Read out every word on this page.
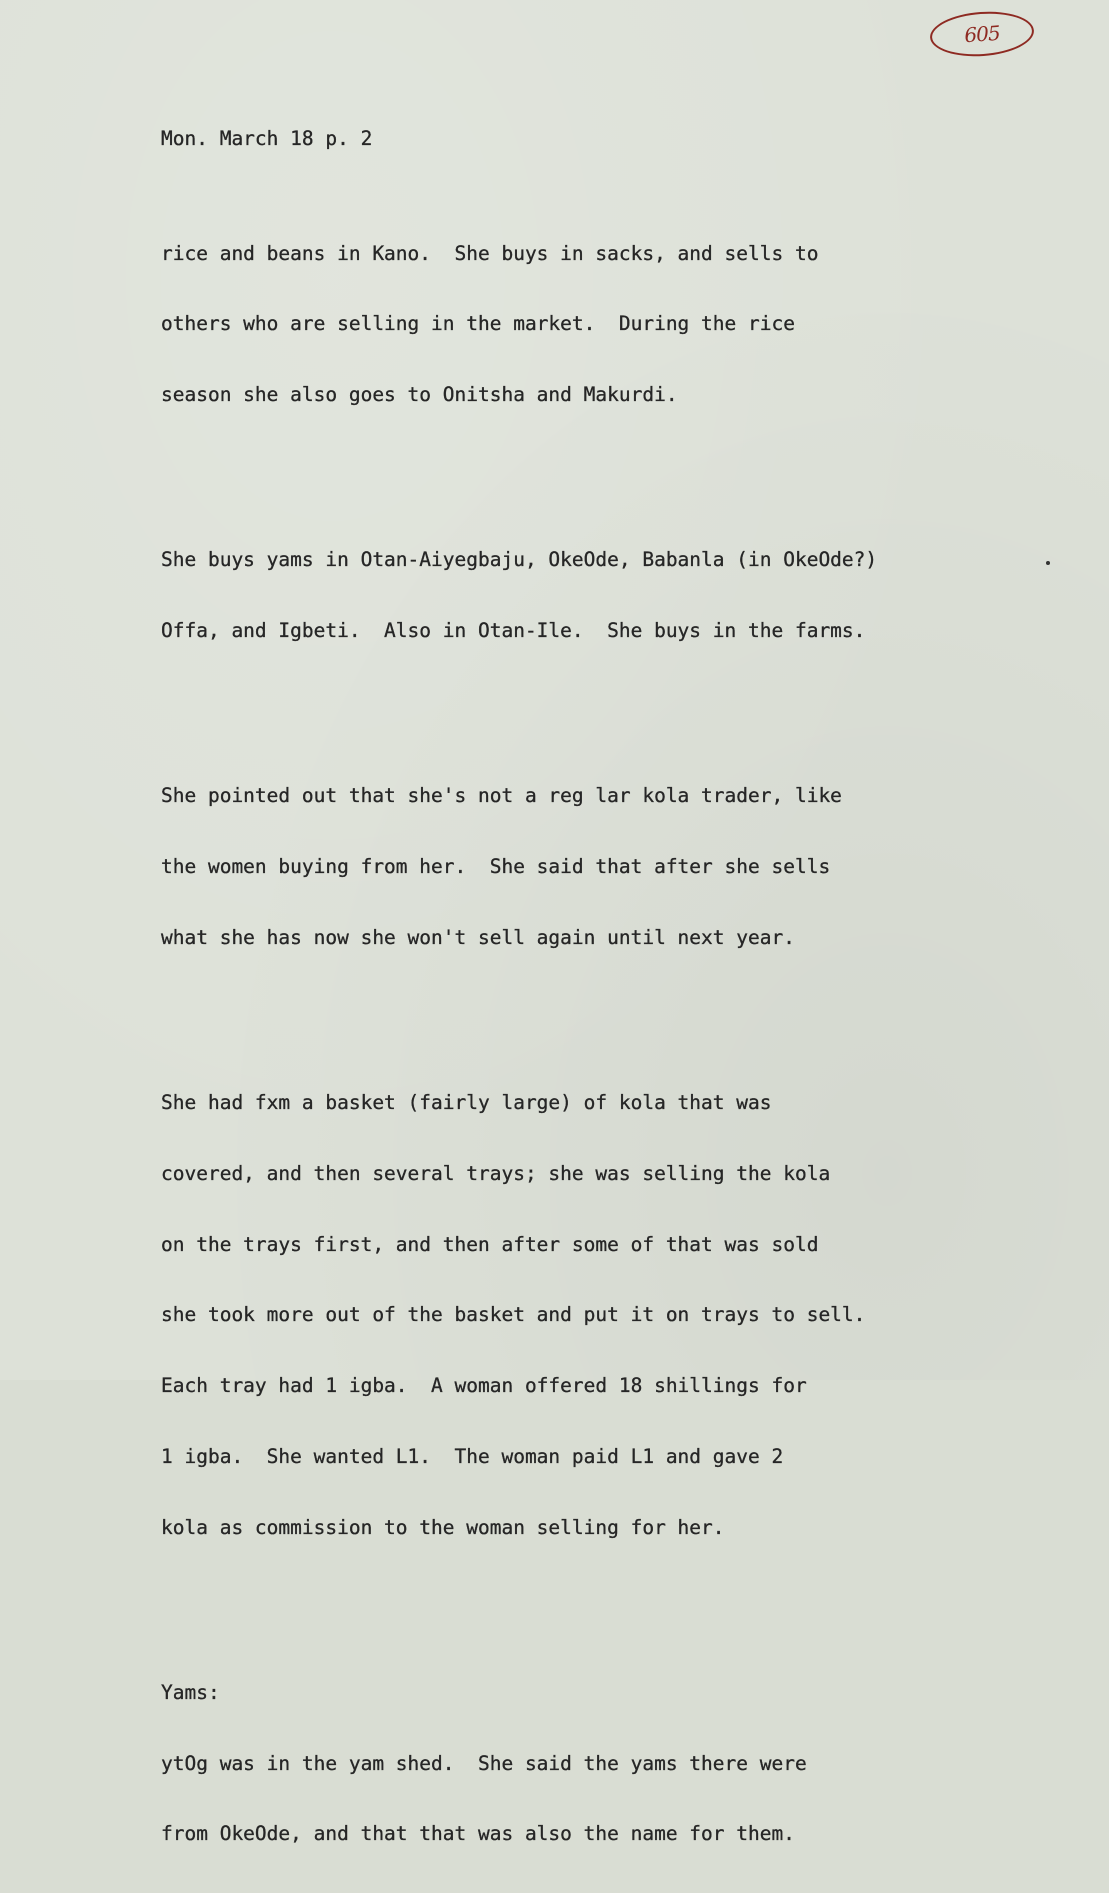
605

Mon. March 18 p. 2

rice and beans in Kano.  She buys in sacks, and sells to

others who are selling in the market.  During the rice

season she also goes to Onitsha and Makurdi.

She buys yams in Otan-Aiyegbaju, OkeOde, Babanla (in OkeOde?)

Offa, and Igbeti.  Also in Otan-Ile.  She buys in the farms.

She pointed out that she's not a reg lar kola trader, like

the women buying from her.  She said that after she sells

what she has now she won't sell again until next year.

She had fxm a basket (fairly large) of kola that was

covered, and then several trays; she was selling the kola

on the trays first, and then after some of that was sold

she took more out of the basket and put it on trays to sell.

Each tray had 1 igba.  A woman offered 18 shillings for

1 igba.  She wanted L1.  The woman paid L1 and gave 2

kola as commission to the woman selling for her.

Yams:

ytOg was in the yam shed.  She said the yams there were

from OkeOde, and that that was also the name for them.
